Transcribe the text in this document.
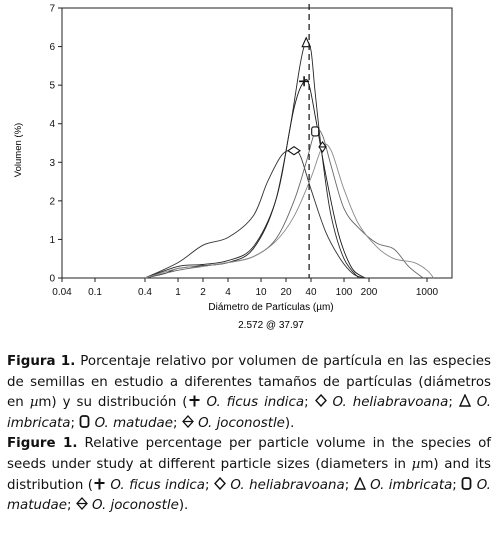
0
1
2
3
4
5
6
7
0.04 0.1	0.4 1 2 4 10 20 40 100 200	1000
Volumen (%)
Diámetro de Partículas (µm)
2.572 @ 37.97

Figura 1. Porcentaje relativo por volumen de partícula en las especies de semillas en estudio a diferentes tamaños de partículas (diámetros en µm) y su distribución ( O. ficus indica;  O. heliabravoana;  O. imbricata;  O. matudae;  O. joconostle).

Figure 1. Relative percentage per particle volume in the species of seeds under study at different particle sizes (diameters in µm) and its distribution ( O. ficus indica;  O. heliabravoana;  O. imbricata;  O. matudae;  O. joconostle).
